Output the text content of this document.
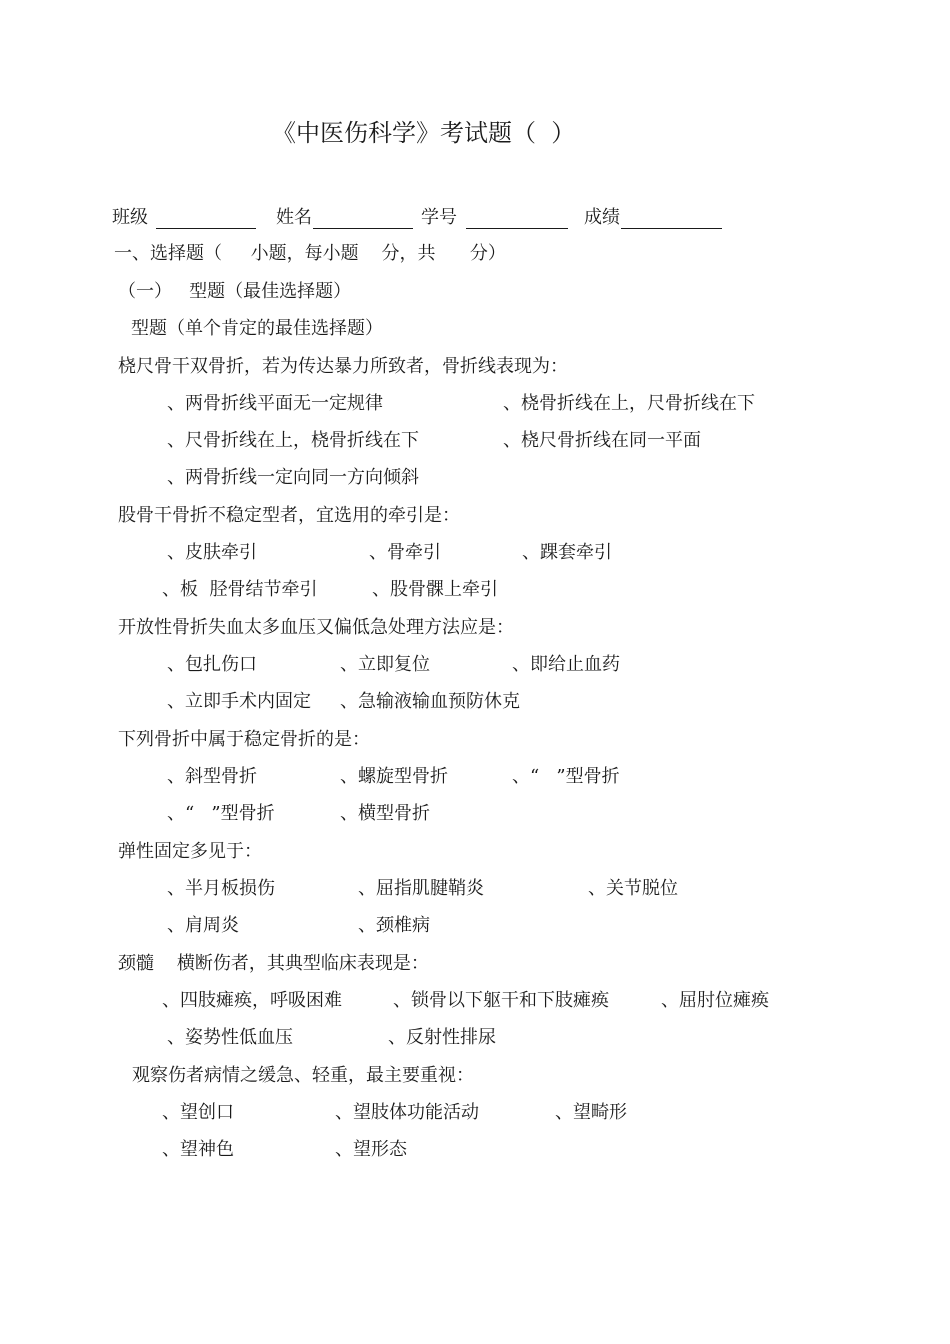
《中医伤科学》考试题（  ）
班级	姓名	学号	成绩
一、选择题（     小题，每小题    分，共      分）
（一）   型题（最佳选择题）
型题（单个肯定的最佳选择题）
桡尺骨干双骨折，若为传达暴力所致者，骨折线表现为：
、两骨折线平面无一定规律	、桡骨折线在上，尺骨折线在下
、尺骨折线在上，桡骨折线在下	、桡尺骨折线在同一平面
、两骨折线一定向同一方向倾斜
股骨干骨折不稳定型者，宜选用的牵引是：
、皮肤牵引	、骨牵引	、踝套牵引
、板  胫骨结节牵引	、股骨髁上牵引
开放性骨折失血太多血压又偏低急处理方法应是：
、包扎伤口	、立即复位	、即给止血药
、立即手术内固定 、急输液输血预防休克
下列骨折中属于稳定骨折的是：
、斜型骨折	、螺旋型骨折	、“   ”型骨折
、“   ”型骨折	、横型骨折
弹性固定多见于：
、半月板损伤	、屈指肌腱鞘炎	、关节脱位
、肩周炎	、颈椎病
颈髓    横断伤者，其典型临床表现是：
、四肢瘫痪，呼吸困难	、锁骨以下躯干和下肢瘫痪	、屈肘位瘫痪
、姿势性低血压	、反射性排尿
观察伤者病情之缓急、轻重，最主要重视：
、望创口	、望肢体功能活动	、望畸形
、望神色	、望形态
